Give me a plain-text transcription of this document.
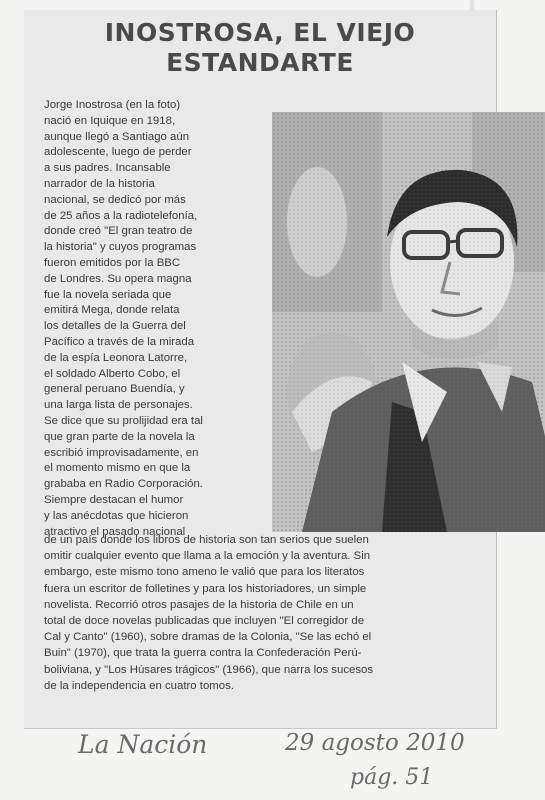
INOSTROSA, EL VIEJO
ESTANDARTE
Jorge Inostrosa (en la foto)
nació en Iquique en 1918,
aunque llegó a Santiago aún
adolescente, luego de perder
a sus padres. Incansable
narrador de la historia
nacional, se dedicó por más
de 25 años a la radiotelefonía,
donde creó "El gran teatro de
la historia" y cuyos programas
fueron emitidos por la BBC
de Londres. Su opera magna
fue la novela seriada que
emitirá Mega, donde relata
los detalles de la Guerra del
Pacífico a través de la mirada
de la espía Leonora Latorre,
el soldado Alberto Cobo, el
general peruano Buendía, y
una larga lista de personajes.
Se dice que su prolijidad era tal
que gran parte de la novela la
escribió improvisadamente, en
el momento mismo en que la
grababa en Radio Corporación.
Siempre destacan el humor
y las anécdotas que hicieron
atractivo el pasado nacional
de un país donde los libros de historia son tan serios que suelen
omitir cualquier evento que llama a la emoción y la aventura. Sin
embargo, este mismo tono ameno le valió que para los literatos
fuera un escritor de folletines y para los historiadores, un simple
novelista. Recorrió otros pasajes de la historia de Chile en un
total de doce novelas publicadas que incluyen "El corregidor de
Cal y Canto" (1960), sobre dramas de la Colonia, "Se las echó el
Buin" (1970), que trata la guerra contra la Confederación Perú-
boliviana, y "Los Húsares trágicos" (1966), que narra los sucesos
de la independencia en cuatro tomos.
La Nación	29 agosto 2010
pág. 51
